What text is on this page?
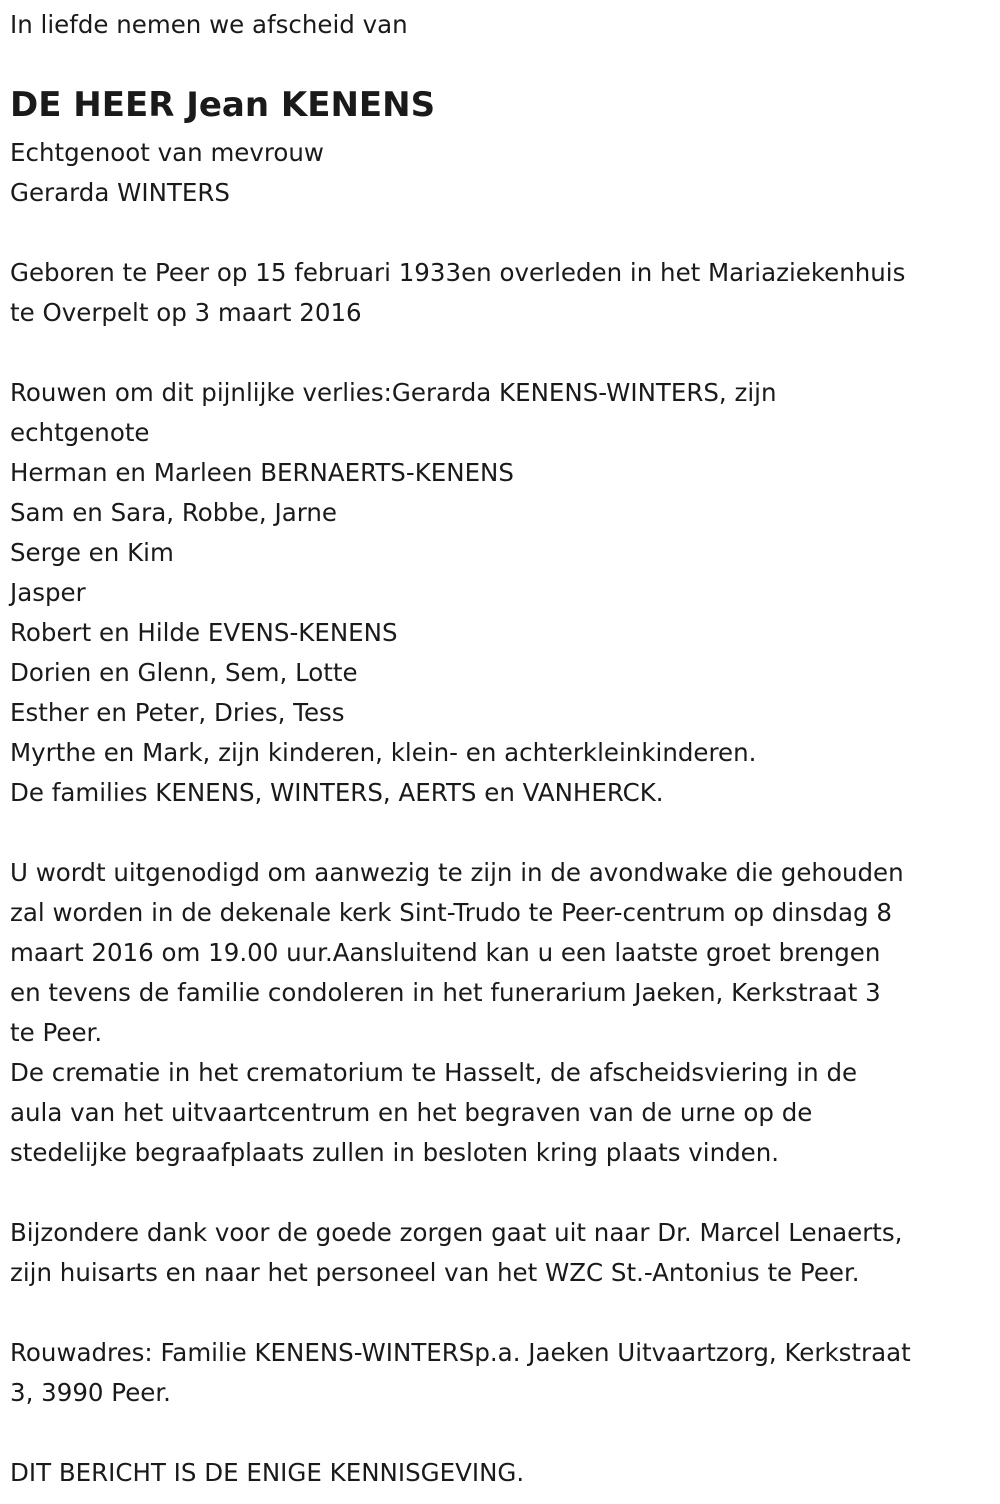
In liefde nemen we afscheid van
DE HEER Jean KENENS
Echtgenoot van mevrouw
Gerarda WINTERS
Geboren te Peer op 15 februari 1933en overleden in het Mariaziekenhuis
te Overpelt op 3 maart 2016
Rouwen om dit pijnlijke verlies:Gerarda KENENS-WINTERS, zijn
echtgenote
Herman en Marleen BERNAERTS-KENENS
Sam en Sara, Robbe, Jarne
Serge en Kim
Jasper
Robert en Hilde EVENS-KENENS
Dorien en Glenn, Sem, Lotte
Esther en Peter, Dries, Tess
Myrthe en Mark, zijn kinderen, klein- en achterkleinkinderen.
De families KENENS, WINTERS, AERTS en VANHERCK.
U wordt uitgenodigd om aanwezig te zijn in de avondwake die gehouden
zal worden in de dekenale kerk Sint-Trudo te Peer-centrum op dinsdag 8
maart 2016 om 19.00 uur.Aansluitend kan u een laatste groet brengen
en tevens de familie condoleren in het funerarium Jaeken, Kerkstraat 3
te Peer.
De crematie in het crematorium te Hasselt, de afscheidsviering in de
aula van het uitvaartcentrum en het begraven van de urne op de
stedelijke begraafplaats zullen in besloten kring plaats vinden.
Bijzondere dank voor de goede zorgen gaat uit naar Dr. Marcel Lenaerts,
zijn huisarts en naar het personeel van het WZC St.-Antonius te Peer.
Rouwadres: Familie KENENS-WINTERSp.a. Jaeken Uitvaartzorg, Kerkstraat
3, 3990 Peer.
DIT BERICHT IS DE ENIGE KENNISGEVING.
